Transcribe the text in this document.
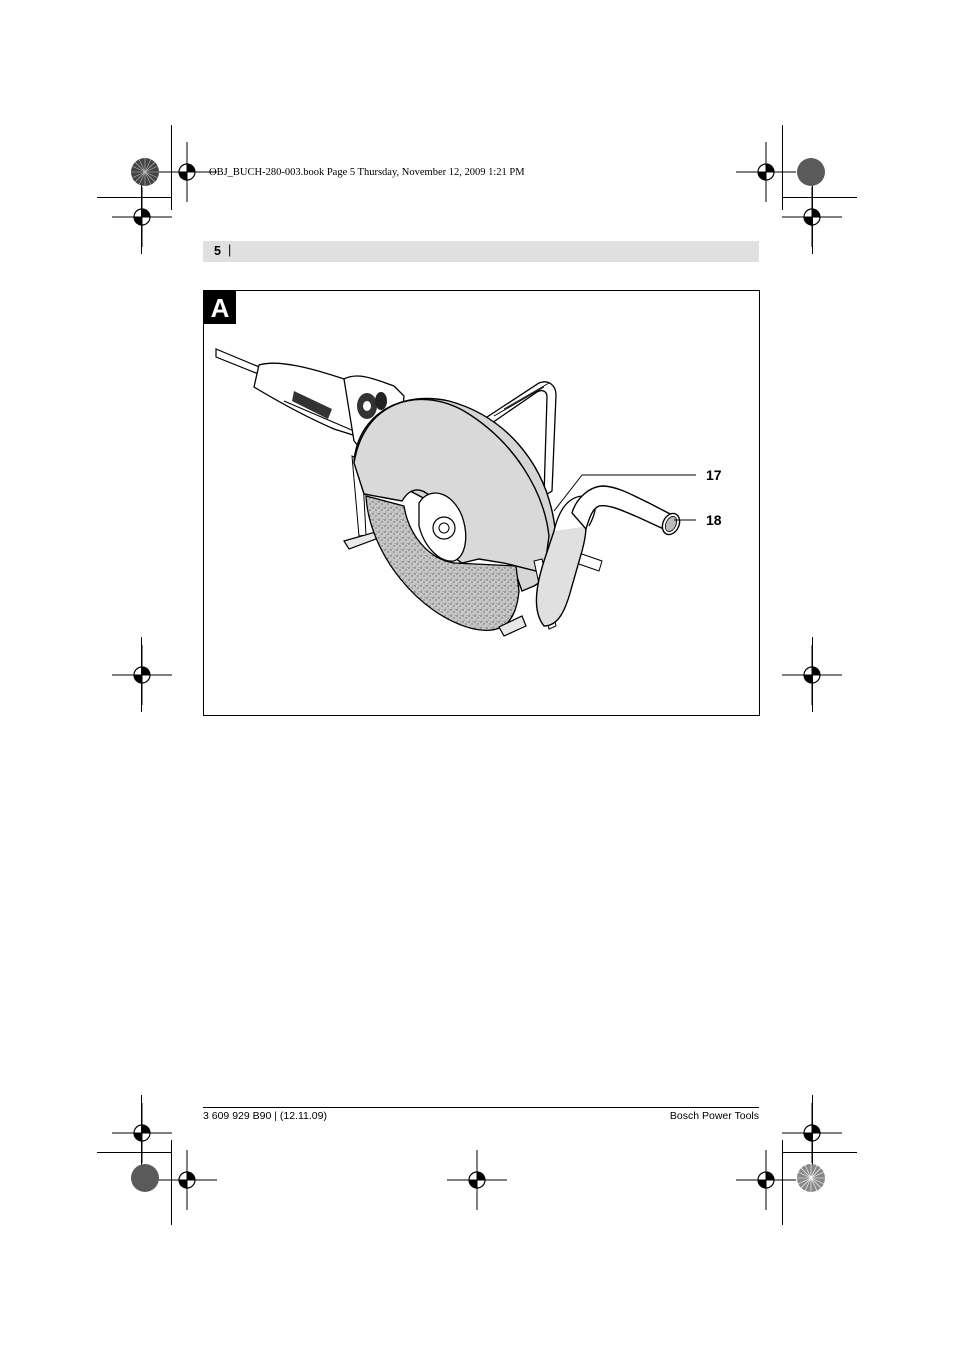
OBJ_BUCH-280-003.book Page 5 Thursday, November 12, 2009 1:21 PM
5 |
A
17
18
3 609 929 B90 | (12.11.09)	Bosch Power Tools
